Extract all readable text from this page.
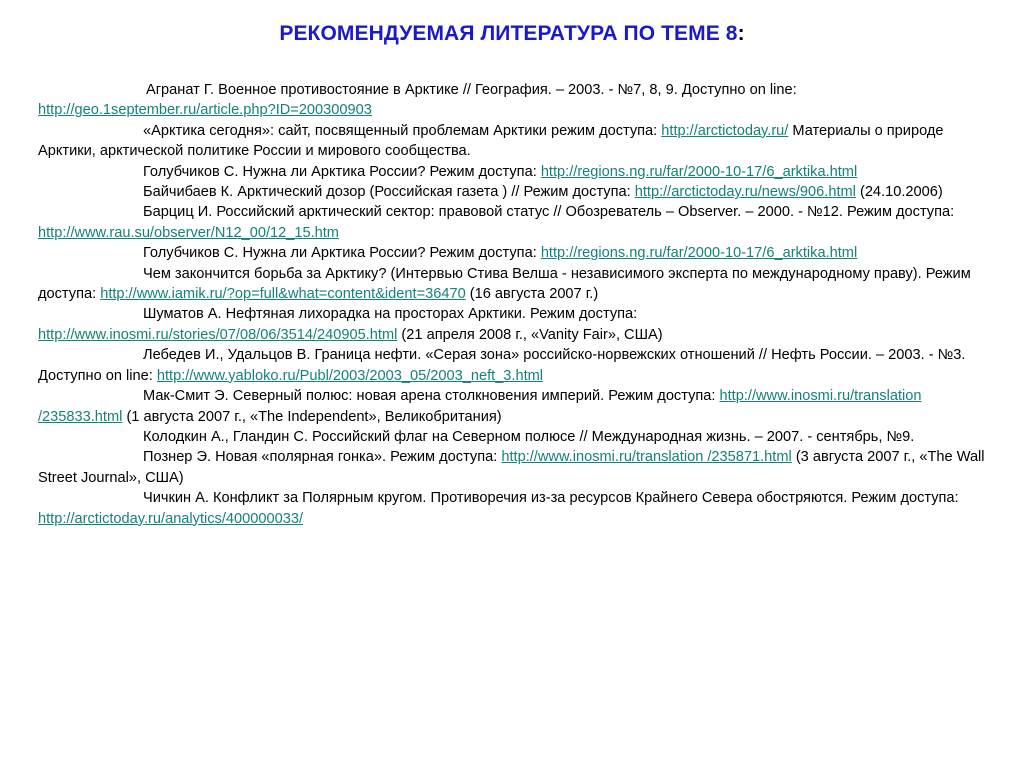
РЕКОМЕНДУЕМАЯ ЛИТЕРАТУРА ПО ТЕМЕ 8:

Агранат Г. Военное противостояние в Арктике // География. – 2003. - №7, 8, 9. Доступно on line: http://geo.1september.ru/article.php?ID=200300903

«Арктика сегодня»: сайт, посвященный проблемам Арктики режим доступа: http://arctictoday.ru/ Материалы о природе Арктики, арктической политике России и мирового сообщества.

Голубчиков С. Нужна ли Арктика России? Режим доступа: http://regions.ng.ru/far/2000-10-17/6_arktika.html

Байчибаев К. Арктический дозор (Российская газета ) // Режим доступа: http://arctictoday.ru/news/906.html (24.10.2006)

Барциц И. Российский арктический сектор: правовой статус // Обозреватель – Observer. – 2000. - №12. Режим доступа: http://www.rau.su/observer/N12_00/12_15.htm

Голубчиков С. Нужна ли Арктика России? Режим доступа: http://regions.ng.ru/far/2000-10-17/6_arktika.html

Чем закончится борьба за Арктику? (Интервью Стива Велша - независимого эксперта по международному праву). Режим доступа: http://www.iamik.ru/?op=full&what=content&ident=36470 (16 августа 2007 г.)

Шуматов А. Нефтяная лихорадка на просторах Арктики. Режим доступа: http://www.inosmi.ru/stories/07/08/06/3514/240905.html (21 апреля 2008 г., «Vanity Fair», США)

Лебедев И., Удальцов В. Граница нефти. «Серая зона» российско-норвежских отношений // Нефть России. – 2003. - №3. Доступно on line: http://www.yabloko.ru/Publ/2003/2003_05/2003_neft_3.html

Мак-Смит Э. Северный полюс: новая арена столкновения империй. Режим доступа: http://www.inosmi.ru/translation /235833.html (1 августа 2007 г., «The Independent», Великобритания)

Колодкин А., Гландин С. Российский флаг на Северном полюсе // Международная жизнь. – 2007. - сентябрь, №9.

Познер Э. Новая «полярная гонка». Режим доступа: http://www.inosmi.ru/translation /235871.html (3 августа 2007 г., «The Wall Street Journal», США)

Чичкин А. Конфликт за Полярным кругом. Противоречия из-за ресурсов Крайнего Севера обостряются. Режим доступа: http://arctictoday.ru/analytics/400000033/
